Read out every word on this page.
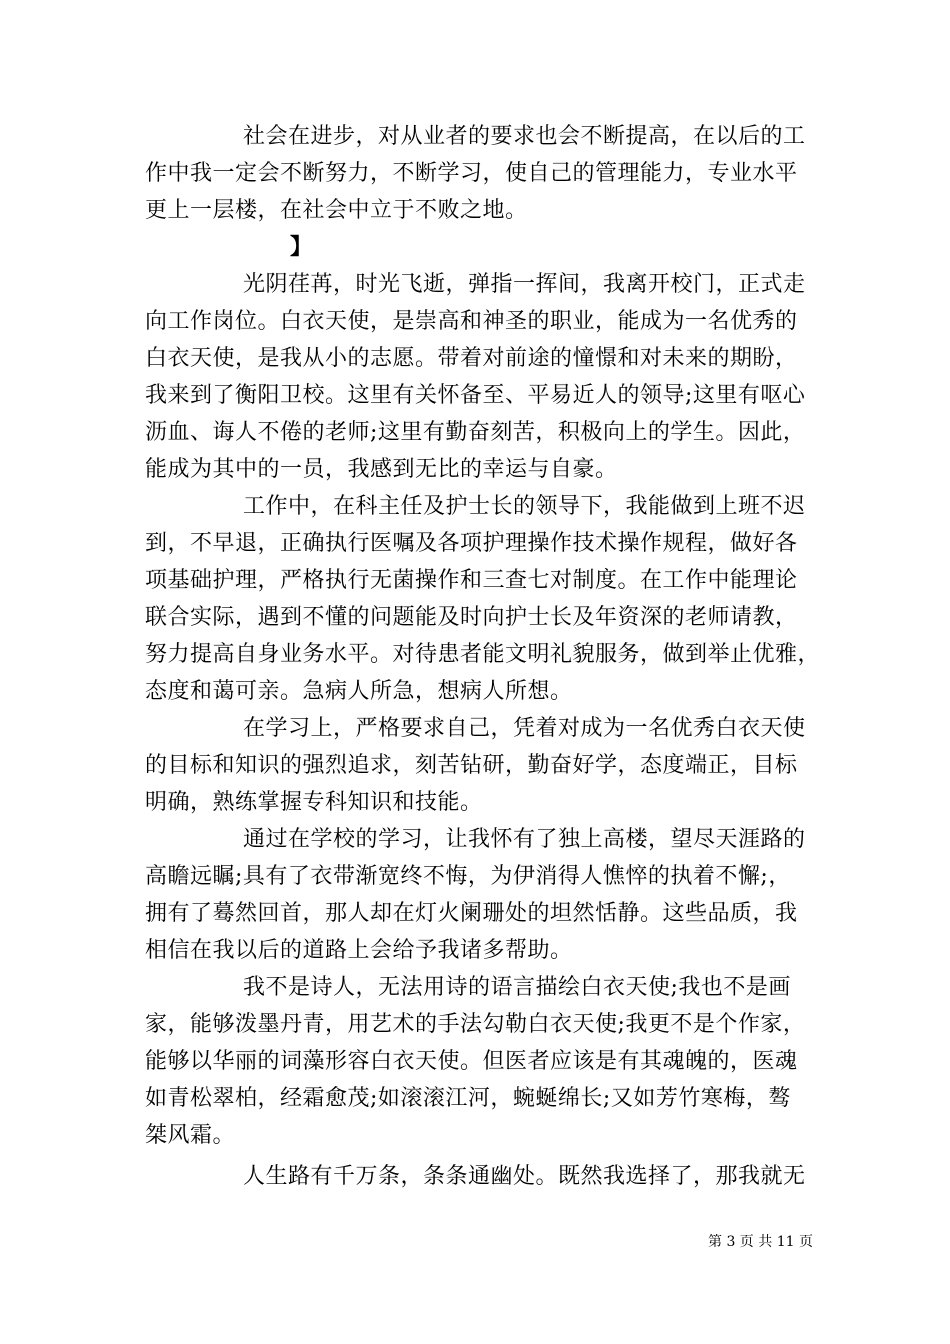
社会在进步，对从业者的要求也会不断提高，在以后的工
作中我一定会不断努力，不断学习，使自己的管理能力，专业水平
更上一层楼，在社会中立于不败之地。
】
光阴荏苒，时光飞逝，弹指一挥间，我离开校门，正式走
向工作岗位。白衣天使，是崇高和神圣的职业，能成为一名优秀的
白衣天使，是我从小的志愿。带着对前途的憧憬和对未来的期盼，
我来到了衡阳卫校。这里有关怀备至、平易近人的领导;这里有呕心
沥血、诲人不倦的老师;这里有勤奋刻苦，积极向上的学生。因此，
能成为其中的一员，我感到无比的幸运与自豪。
工作中，在科主任及护士长的领导下，我能做到上班不迟
到，不早退，正确执行医嘱及各项护理操作技术操作规程，做好各
项基础护理，严格执行无菌操作和三查七对制度。在工作中能理论
联合实际，遇到不懂的问题能及时向护士长及年资深的老师请教，
努力提高自身业务水平。对待患者能文明礼貌服务，做到举止优雅，
态度和蔼可亲。急病人所急，想病人所想。
在学习上，严格要求自己，凭着对成为一名优秀白衣天使
的目标和知识的强烈追求，刻苦钻研，勤奋好学，态度端正，目标
明确，熟练掌握专科知识和技能。
通过在学校的学习，让我怀有了独上高楼，望尽天涯路的
高瞻远瞩;具有了衣带渐宽终不悔，为伊消得人憔悴的执着不懈;，
拥有了蓦然回首，那人却在灯火阑珊处的坦然恬静。这些品质，我
相信在我以后的道路上会给予我诸多帮助。
我不是诗人，无法用诗的语言描绘白衣天使;我也不是画
家，能够泼墨丹青，用艺术的手法勾勒白衣天使;我更不是个作家，
能够以华丽的词藻形容白衣天使。但医者应该是有其魂魄的，医魂
如青松翠柏，经霜愈茂;如滚滚江河，蜿蜒绵长;又如芳竹寒梅，骜
桀风霜。
人生路有千万条，条条通幽处。既然我选择了，那我就无
第 3 页 共 11 页
